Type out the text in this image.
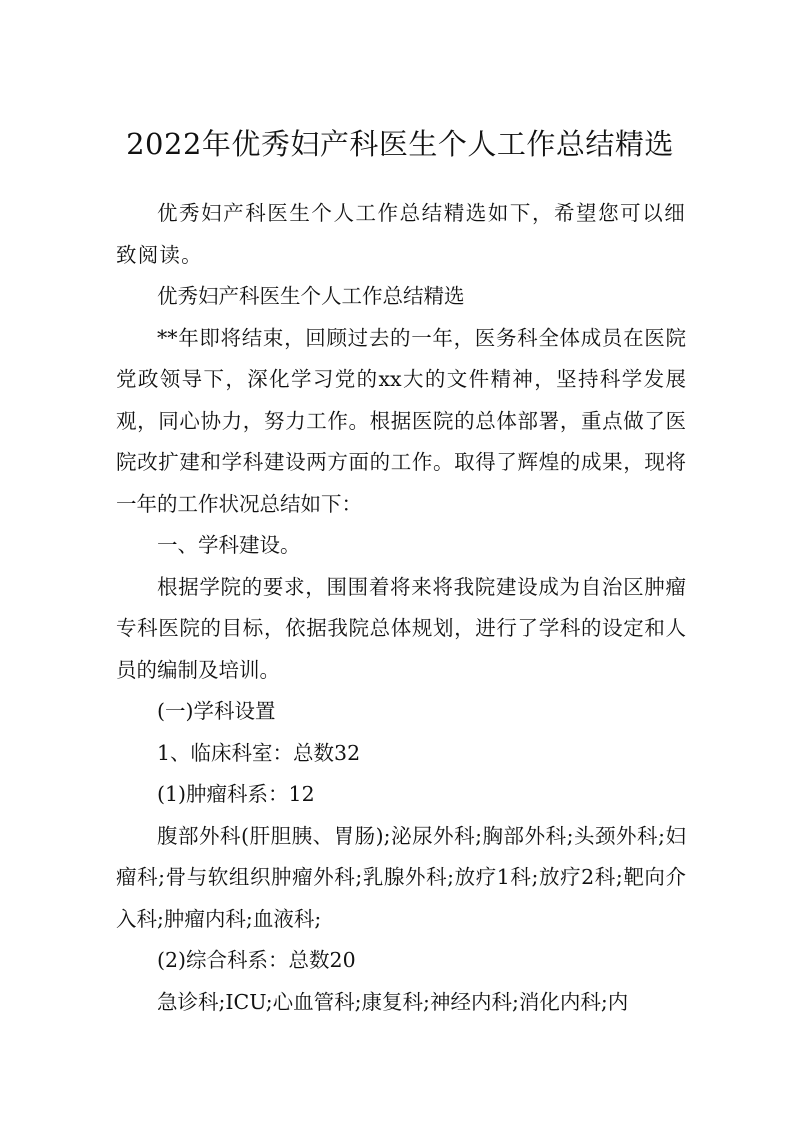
2022年优秀妇产科医生个人工作总结精选

优秀妇产科医生个人工作总结精选如下，希望您可以细致阅读。

优秀妇产科医生个人工作总结精选

**年即将结束，回顾过去的一年，医务科全体成员在医院党政领导下，深化学习党的xx大的文件精神，坚持科学发展观，同心协力，努力工作。根据医院的总体部署，重点做了医院改扩建和学科建设两方面的工作。取得了辉煌的成果，现将一年的工作状况总结如下：

一、学科建设。

根据学院的要求，围围着将来将我院建设成为自治区肿瘤专科医院的目标，依据我院总体规划，进行了学科的设定和人员的编制及培训。

(一)学科设置

1、临床科室：总数32

(1)肿瘤科系：12

腹部外科(肝胆胰、胃肠);泌尿外科;胸部外科;头颈外科;妇瘤科;骨与软组织肿瘤外科;乳腺外科;放疗1科;放疗2科;靶向介入科;肿瘤内科;血液科;

(2)综合科系：总数20

急诊科;ICU;心血管科;康复科;神经内科;消化内科;内
